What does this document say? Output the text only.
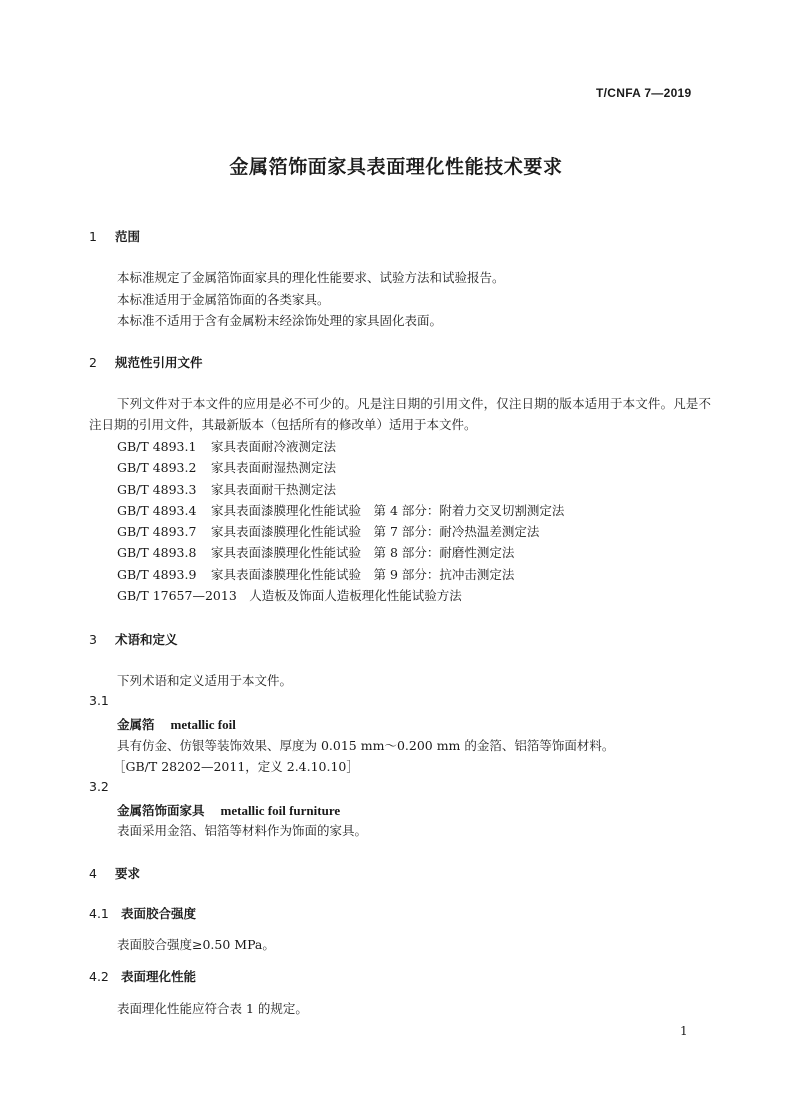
T/CNFA 7—2019
金属箔饰面家具表面理化性能技术要求
1 范围
本标准规定了金属箔饰面家具的理化性能要求、试验方法和试验报告。
本标准适用于金属箔饰面的各类家具。
本标准不适用于含有金属粉末经涂饰处理的家具固化表面。
2 规范性引用文件
下列文件对于本文件的应用是必不可少的。凡是注日期的引用文件，仅注日期的版本适用于本文件。凡是不注日期的引用文件，其最新版本（包括所有的修改单）适用于本文件。
GB/T 4893.1 家具表面耐冷液测定法
GB/T 4893.2 家具表面耐湿热测定法
GB/T 4893.3 家具表面耐干热测定法
GB/T 4893.4 家具表面漆膜理化性能试验　第 4 部分：附着力交叉切割测定法
GB/T 4893.7 家具表面漆膜理化性能试验　第 7 部分：耐冷热温差测定法
GB/T 4893.8 家具表面漆膜理化性能试验　第 8 部分：耐磨性测定法
GB/T 4893.9 家具表面漆膜理化性能试验　第 9 部分：抗冲击测定法
GB/T 17657—2013　人造板及饰面人造板理化性能试验方法
3 术语和定义
下列术语和定义适用于本文件。
3.1
金属箔 metallic foil
具有仿金、仿银等装饰效果、厚度为 0.015 mm～0.200 mm 的金箔、铝箔等饰面材料。
［GB/T 28202—2011，定义 2.4.10.10］
3.2
金属箔饰面家具 metallic foil furniture
表面采用金箔、铝箔等材料作为饰面的家具。
4 要求
4.1 表面胶合强度
表面胶合强度≥0.50 MPa。
4.2 表面理化性能
表面理化性能应符合表 1 的规定。
1
